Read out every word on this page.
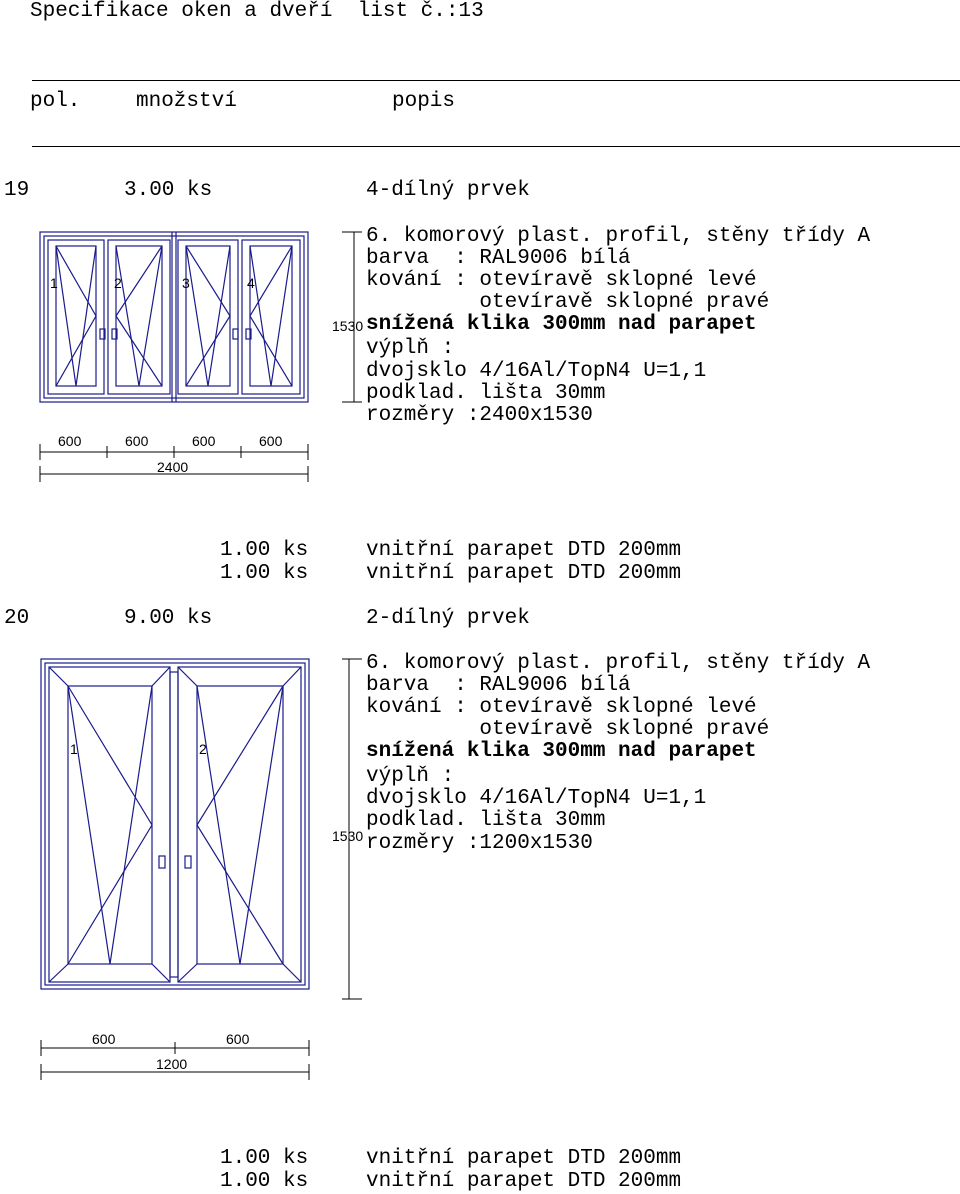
Specifikace oken a dveří  list č.:13
pol.	množství	popis
19	3.00 ks	4-dílný prvek
6. komorový plast. profil, stěny třídy A
barva  : RAL9006 bílá
kování : otevíravě sklopné levé
otevíravě sklopné pravé
snížená klika 300mm nad parapet
výplň :
dvojsklo 4/16Al/TopN4 U=1,1
podklad. lišta 30mm
rozměry :2400x1530
1.00 ks	vnitřní parapet DTD 200mm
1.00 ks	vnitřní parapet DTD 200mm
20	9.00 ks	2-dílný prvek
6. komorový plast. profil, stěny třídy A
barva  : RAL9006 bílá
kování : otevíravě sklopné levé
otevíravě sklopné pravé
snížená klika 300mm nad parapet
výplň :
dvojsklo 4/16Al/TopN4 U=1,1
podklad. lišta 30mm
rozměry :1200x1530
1.00 ks	vnitřní parapet DTD 200mm
1.00 ks	vnitřní parapet DTD 200mm
1530
600	600	600	600
2400
1	2	3	4
1530
600	600
1200
1	2
